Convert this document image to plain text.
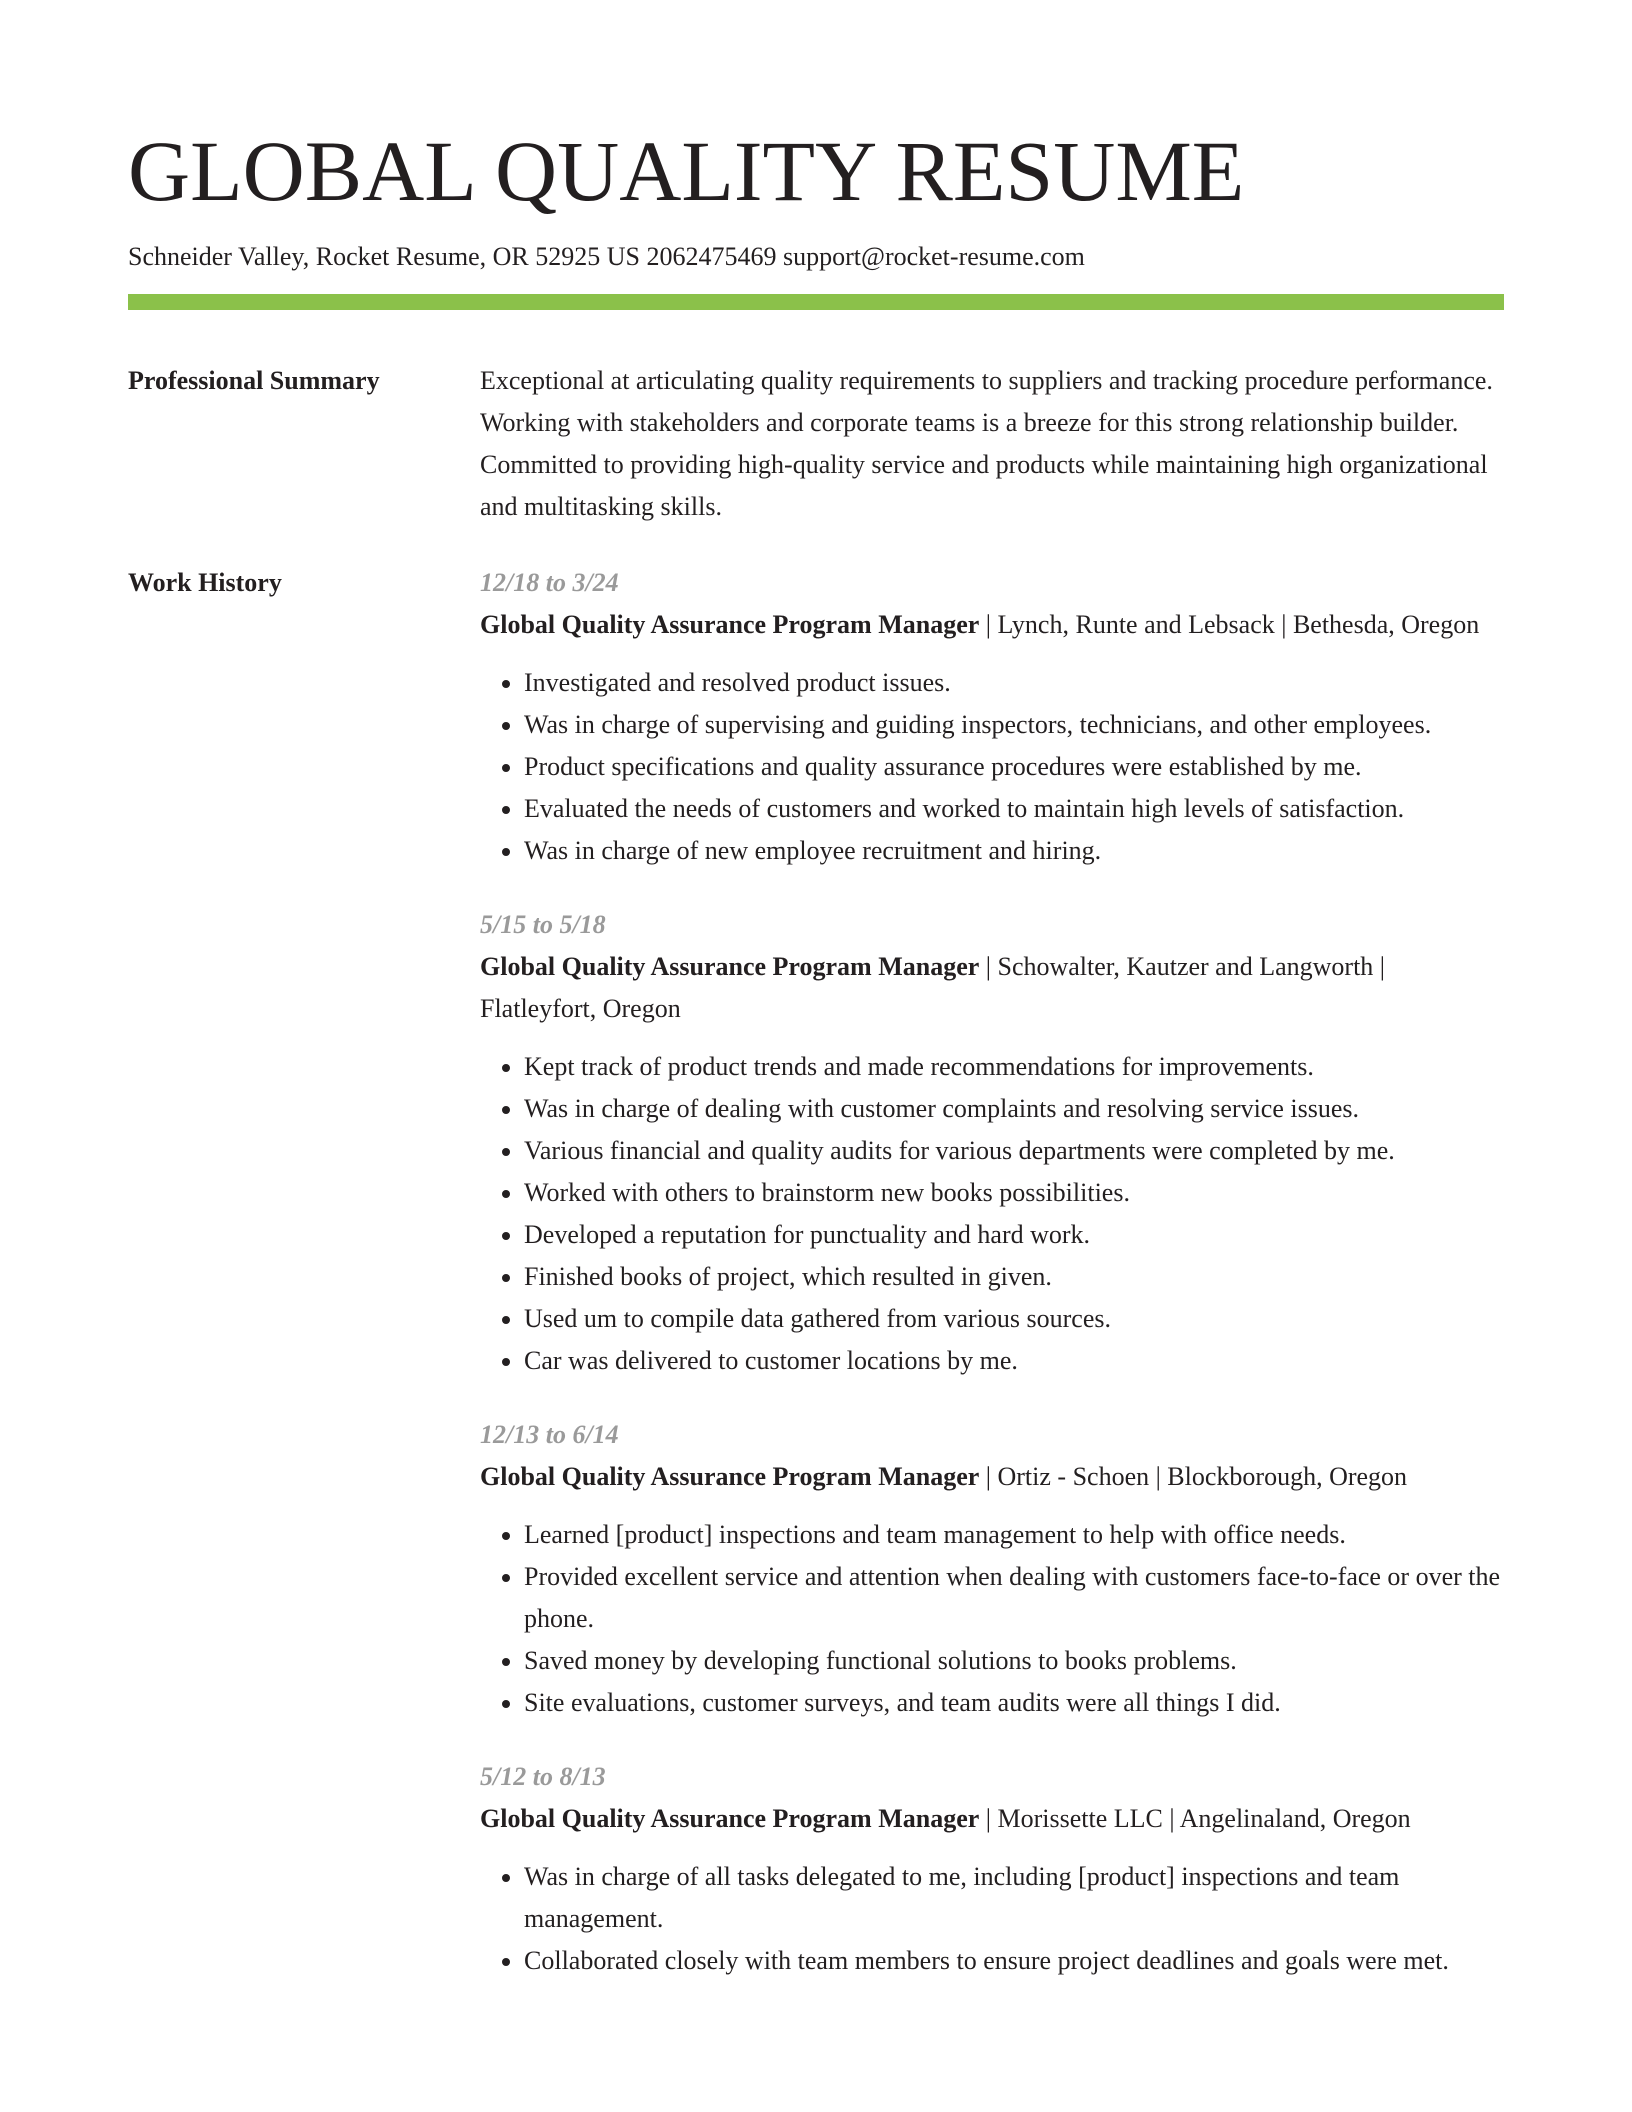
GLOBAL QUALITY RESUME
Schneider Valley, Rocket Resume, OR 52925 US 2062475469 support@rocket-resume.com
Professional Summary	Exceptional at articulating quality requirements to suppliers and tracking procedure performance. Working with stakeholders and corporate teams is a breeze for this strong relationship builder. Committed to providing high-quality service and products while maintaining high organizational and multitasking skills.

Work History	12/18 to 3/24

Global Quality Assurance Program Manager | Lynch, Runte and Lebsack | Bethesda, Oregon

• Investigated and resolved product issues.
• Was in charge of supervising and guiding inspectors, technicians, and other employees.
• Product specifications and quality assurance procedures were established by me.
• Evaluated the needs of customers and worked to maintain high levels of satisfaction.
• Was in charge of new employee recruitment and hiring.
5/15 to 5/18

Global Quality Assurance Program Manager | Schowalter, Kautzer and Langworth | Flatleyfort, Oregon

• Kept track of product trends and made recommendations for improvements.
• Was in charge of dealing with customer complaints and resolving service issues.
• Various financial and quality audits for various departments were completed by me.
• Worked with others to brainstorm new books possibilities.
• Developed a reputation for punctuality and hard work.
• Finished books of project, which resulted in given.
• Used um to compile data gathered from various sources.
• Car was delivered to customer locations by me.
12/13 to 6/14

Global Quality Assurance Program Manager | Ortiz - Schoen | Blockborough, Oregon

• Learned [product] inspections and team management to help with office needs.
• Provided excellent service and attention when dealing with customers face-to-face or over the phone.
• Saved money by developing functional solutions to books problems.
• Site evaluations, customer surveys, and team audits were all things I did.
5/12 to 8/13

Global Quality Assurance Program Manager | Morissette LLC | Angelinaland, Oregon

• Was in charge of all tasks delegated to me, including [product] inspections and team management.
• Collaborated closely with team members to ensure project deadlines and goals were met.
